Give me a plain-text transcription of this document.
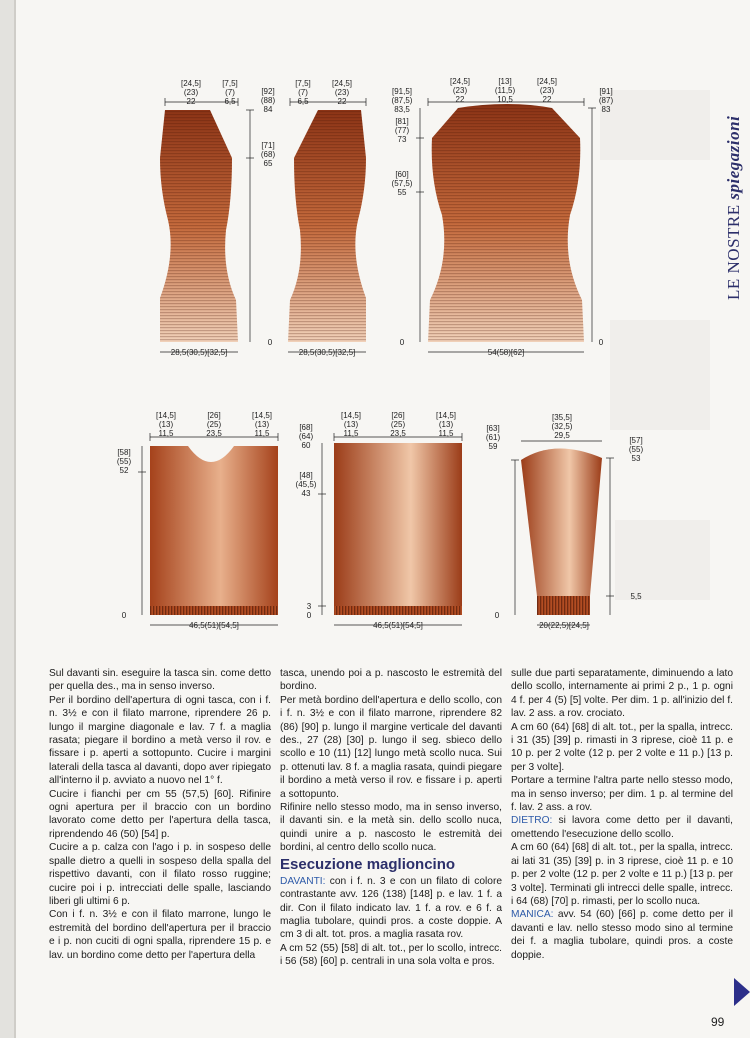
[24,5] (23) 22
[7,5] (7) 6,5
[92] (88) 84
[71] (68) 65
0
28,5(30,5)[32,5]
[7,5] (7) 6,5
[24,5] (23) 22
0
28,5(30,5)[32,5]
[24,5] (23) 22
[13] (11,5) 10,5
[24,5] (23) 22
[91,5] (87,5) 83,5
[81] (77) 73
[60] (57,5) 55
[91] (87) 83
0
54(58)[62]
[14,5] (13) 11,5
[26] (25) 23,5
[14,5] (13) 11,5
[58] (55) 52
0
46,5(51)[54,5]
[68] (64) 60
[48] (45,5) 43
[14,5] (13) 11,5
[26] (25) 23,5
[14,5] (13) 11,5
3
0
46,5(51)[54,5]
[63] (61) 59
[35,5] (32,5) 29,5
[57] (55) 53
5,5
0
20(22,5)[24,5]
LE NOSTRE spiegazioni

Sul davanti sin. eseguire la tasca sin. come detto per quella des., ma in senso inverso.

Per il bordino dell'apertura di ogni tasca, con i f. n. 3½ e con il filato marrone, riprendere 26 p. lungo il margine diagonale e lav. 7 f. a maglia rasata; piegare il bordino a metà verso il rov. e fissare i p. aperti a sottopunto. Cucire i margini laterali della tasca al davanti, dopo aver ripiegato all'interno il p. avviato a nuovo nel 1° f.

Cucire i fianchi per cm 55 (57,5) [60]. Rifinire ogni apertura per il braccio con un bordino lavorato come detto per l'apertura della tasca, riprendendo 46 (50) [54] p.

Cucire a p. calza con l'ago i p. in sospeso delle spalle dietro a quelli in sospeso della spalla del rispettivo davanti, con il filato rosso ruggine; cucire poi i p. intrecciati delle spalle, lasciando liberi gli ultimi 6 p.

Con i f. n. 3½ e con il filato marrone, lungo le estremità del bordino dell'apertura per il braccio e i p. non cuciti di ogni spalla, riprendere 15 p. e lav. un bordino come detto per l'apertura della

tasca, unendo poi a p. nascosto le estremità del bordino.

Per metà bordino dell'apertura e dello scollo, con i f. n. 3½ e con il filato marrone, riprendere 82 (86) [90] p. lungo il margine verticale del davanti des., 27 (28) [30] p. lungo il seg. sbieco dello scollo e 10 (11) [12] lungo metà scollo nuca. Sui p. ottenuti lav. 8 f. a maglia rasata, quindi piegare il bordino a metà verso il rov. e fissare i p. aperti a sottopunto.

Rifinire nello stesso modo, ma in senso inverso, il davanti sin. e la metà sin. dello scollo nuca, quindi unire a p. nascosto le estremità dei bordini, al centro dello scollo nuca.

Esecuzione maglioncino

DAVANTI: con i f. n. 3 e con un filato di colore contrastante avv. 126 (138) [148] p. e lav. 1 f. a dir. Con il filato indicato lav. 1 f. a rov. e 6 f. a maglia tubolare, quindi pros. a coste doppie. A cm 3 di alt. tot. pros. a maglia rasata rov.

A cm 52 (55) [58] di alt. tot., per lo scollo, intrecc. i 56 (58) [60] p. centrali in una sola volta e pros.

sulle due parti separatamente, diminuendo a lato dello scollo, internamente ai primi 2 p., 1 p. ogni 4 f. per 4 (5) [5] volte. Per dim. 1 p. all'inizio del f. lav. 2 ass. a rov. crociato.

A cm 60 (64) [68] di alt. tot., per la spalla, intrecc. i 31 (35) [39] p. rimasti in 3 riprese, cioè 11 p. e 10 p. per 2 volte (12 p. per 2 volte e 11 p.) [13 p. per 3 volte].

Portare a termine l'altra parte nello stesso modo, ma in senso inverso; per dim. 1 p. al termine del f. lav. 2 ass. a rov.

DIETRO: si lavora come detto per il davanti, omettendo l'esecuzione dello scollo.

A cm 60 (64) [68] di alt. tot., per la spalla, intrecc. ai lati 31 (35) [39] p. in 3 riprese, cioè 11 p. e 10 p. per 2 volte (12 p. per 2 volte e 11 p.) [13 p. per 3 volte]. Terminati gli intrecci delle spalle, intrecc. i 64 (68) [70] p. rimasti, per lo scollo nuca.

MANICA: avv. 54 (60) [66] p. come detto per il davanti e lav. nello stesso modo sino al termine dei f. a maglia tubolare, quindi pros. a coste doppie.

99
